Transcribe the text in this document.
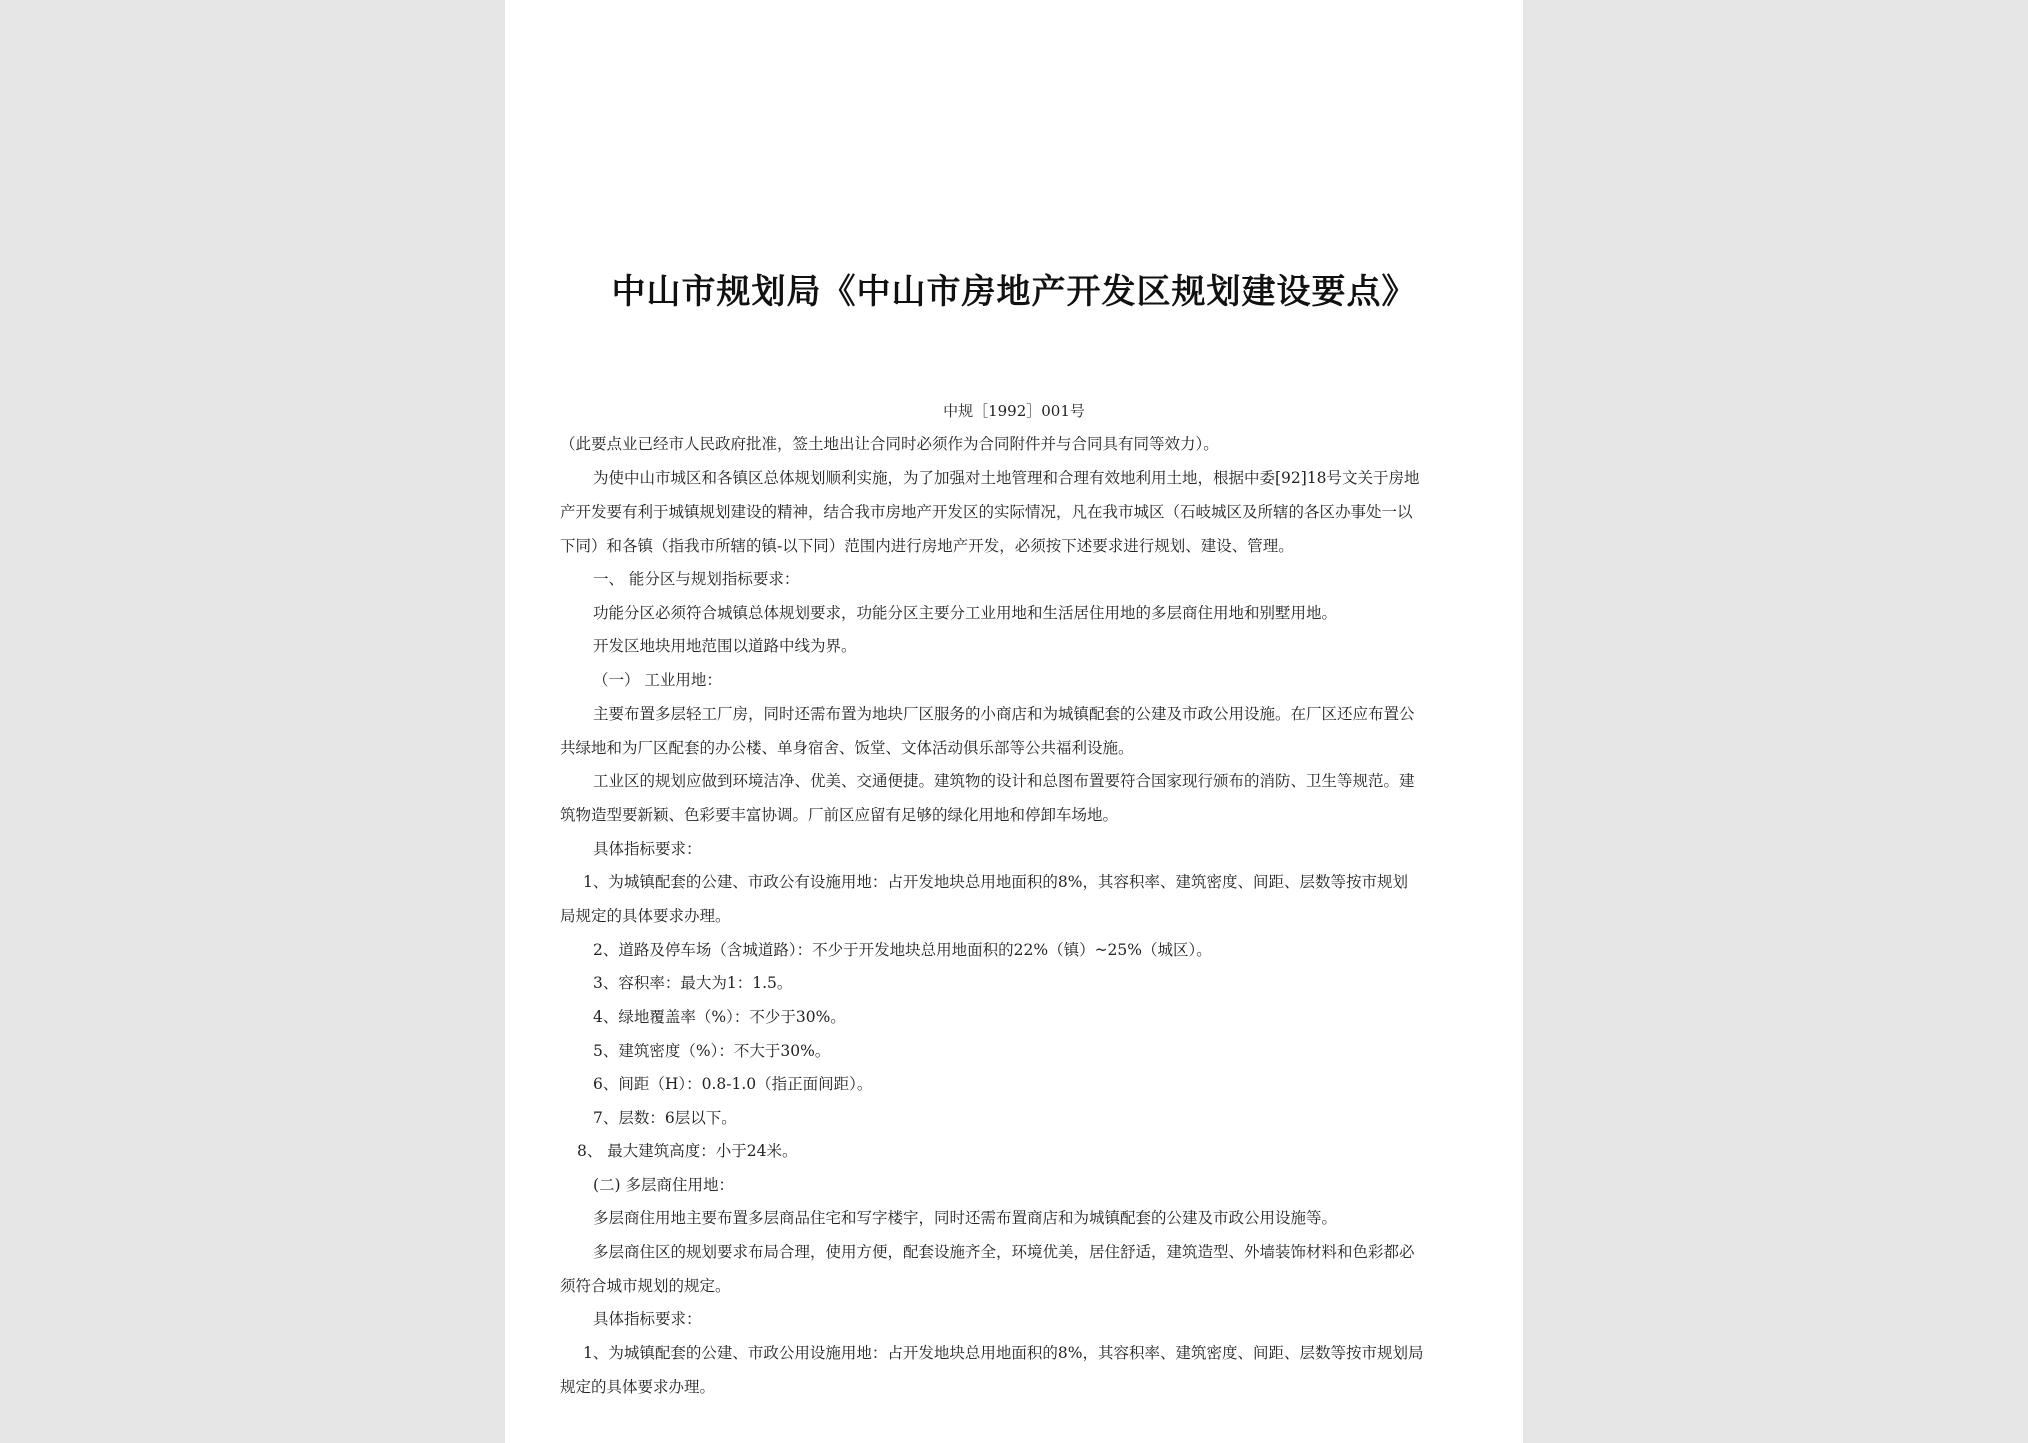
中山市规划局《中山市房地产开发区规划建设要点》
中规［1992］001号
（此要点业已经市人民政府批准，签土地出让合同时必须作为合同附件并与合同具有同等效力）。
为使中山市城区和各镇区总体规划顺利实施，为了加强对土地管理和合理有效地利用土地，根据中委[92]18号文关于房地
产开发要有利于城镇规划建设的精神，结合我市房地产开发区的实际情况，凡在我市城区（石岐城区及所辖的各区办事处一以
下同）和各镇（指我市所辖的镇-以下同）范围内进行房地产开发，必须按下述要求进行规划、建设、管理。
一、 能分区与规划指标要求：
功能分区必须符合城镇总体规划要求，功能分区主要分工业用地和生活居住用地的多层商住用地和别墅用地。
开发区地块用地范围以道路中线为界。
（一） 工业用地：
主要布置多层轻工厂房，同时还需布置为地块厂区服务的小商店和为城镇配套的公建及市政公用设施。在厂区还应布置公
共绿地和为厂区配套的办公楼、单身宿舍、饭堂、文体活动俱乐部等公共福利设施。
工业区的规划应做到环境洁净、优美、交通便捷。建筑物的设计和总图布置要符合国家现行颁布的消防、卫生等规范。建
筑物造型要新颖、色彩要丰富协调。厂前区应留有足够的绿化用地和停卸车场地。
具体指标要求：
1、为城镇配套的公建、市政公有设施用地：占开发地块总用地面积的8%，其容积率、建筑密度、间距、层数等按市规划
局规定的具体要求办理。
2、道路及停车场（含城道路）：不少于开发地块总用地面积的22%（镇）~25%（城区）。
3、容积率：最大为1：1.5。
4、绿地覆盖率（%）：不少于30%。
5、建筑密度（%）：不大于30%。
6、间距（H）：0.8-1.0（指正面间距）。
7、层数：6层以下。
8、 最大建筑高度：小于24米。
(二) 多层商住用地：
多层商住用地主要布置多层商品住宅和写字楼宇，同时还需布置商店和为城镇配套的公建及市政公用设施等。
多层商住区的规划要求布局合理，使用方便，配套设施齐全，环境优美，居住舒适，建筑造型、外墙装饰材料和色彩都必
须符合城市规划的规定。
具体指标要求：
1、为城镇配套的公建、市政公用设施用地：占开发地块总用地面积的8%，其容积率、建筑密度、间距、层数等按市规划局
规定的具体要求办理。
